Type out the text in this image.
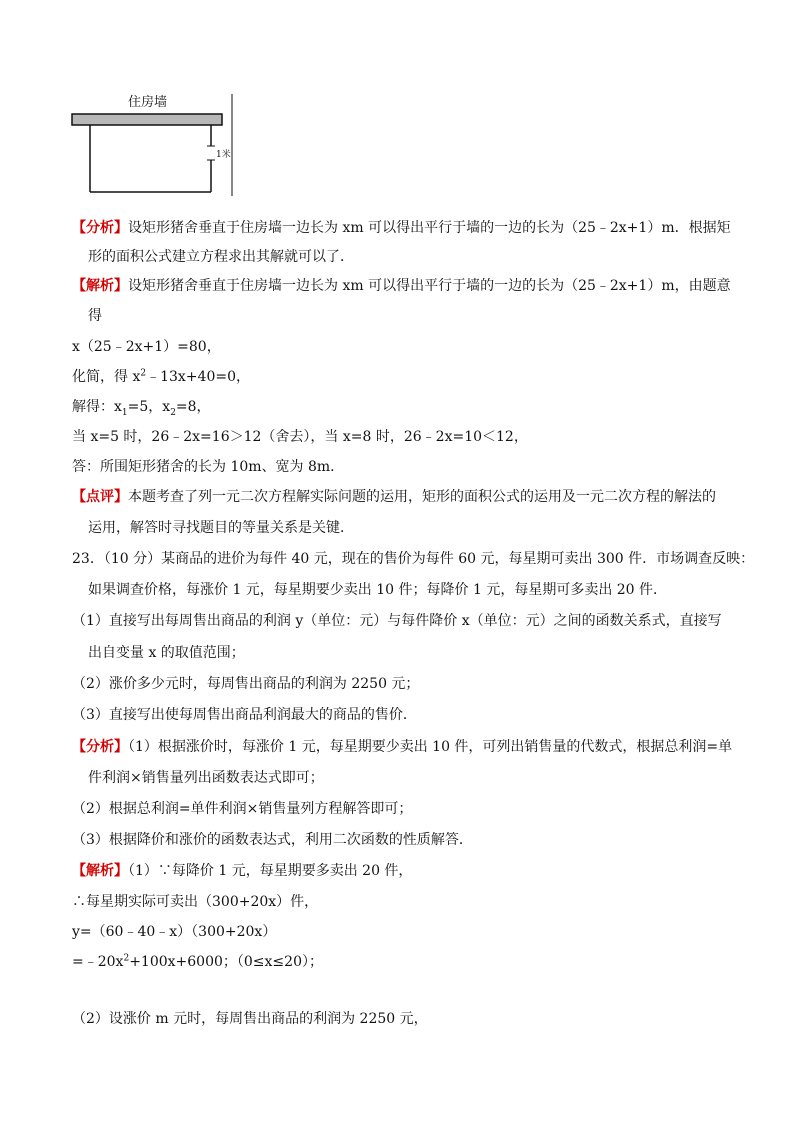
住房墙
1米
【分析】设矩形猪舍垂直于住房墙一边长为 xm 可以得出平行于墙的一边的长为（25﹣2x+1）m．根据矩
形的面积公式建立方程求出其解就可以了．
【解析】设矩形猪舍垂直于住房墙一边长为 xm 可以得出平行于墙的一边的长为（25﹣2x+1）m，由题意
得
x（25﹣2x+1）=80，
化简，得 $x^2﹣13x+40=0$，
解得：$x_1=5$，$x_2=8$，
当 x=5 时，26﹣2x=16＞12（舍去），当 x=8 时，26﹣2x=10＜12，
答：所围矩形猪舍的长为 10m、宽为 8m．
【点评】本题考查了列一元二次方程解实际问题的运用，矩形的面积公式的运用及一元二次方程的解法的
运用，解答时寻找题目的等量关系是关键．
23．（10 分）某商品的进价为每件 40 元，现在的售价为每件 60 元，每星期可卖出 300 件．市场调查反映：
如果调查价格，每涨价 1 元，每星期要少卖出 10 件；每降价 1 元，每星期可多卖出 20 件．
（1）直接写出每周售出商品的利润 y（单位：元）与每件降价 x（单位：元）之间的函数关系式，直接写
出自变量 x 的取值范围；
（2）涨价多少元时，每周售出商品的利润为 2250 元；
（3）直接写出使每周售出商品利润最大的商品的售价．
【分析】（1）根据涨价时，每涨价 1 元，每星期要少卖出 10 件，可列出销售量的代数式，根据总利润=单
件利润×销售量列出函数表达式即可；
（2）根据总利润=单件利润×销售量列方程解答即可；
（3）根据降价和涨价的函数表达式，利用二次函数的性质解答．
【解析】（1）∵每降价 1 元，每星期要多卖出 20 件，
∴每星期实际可卖出（300+20x）件，
y=（60﹣40﹣x）（300+20x）
$=﹣20x^2+100x+6000$；（0≤x≤20）；
（2）设涨价 m 元时，每周售出商品的利润为 2250 元，
